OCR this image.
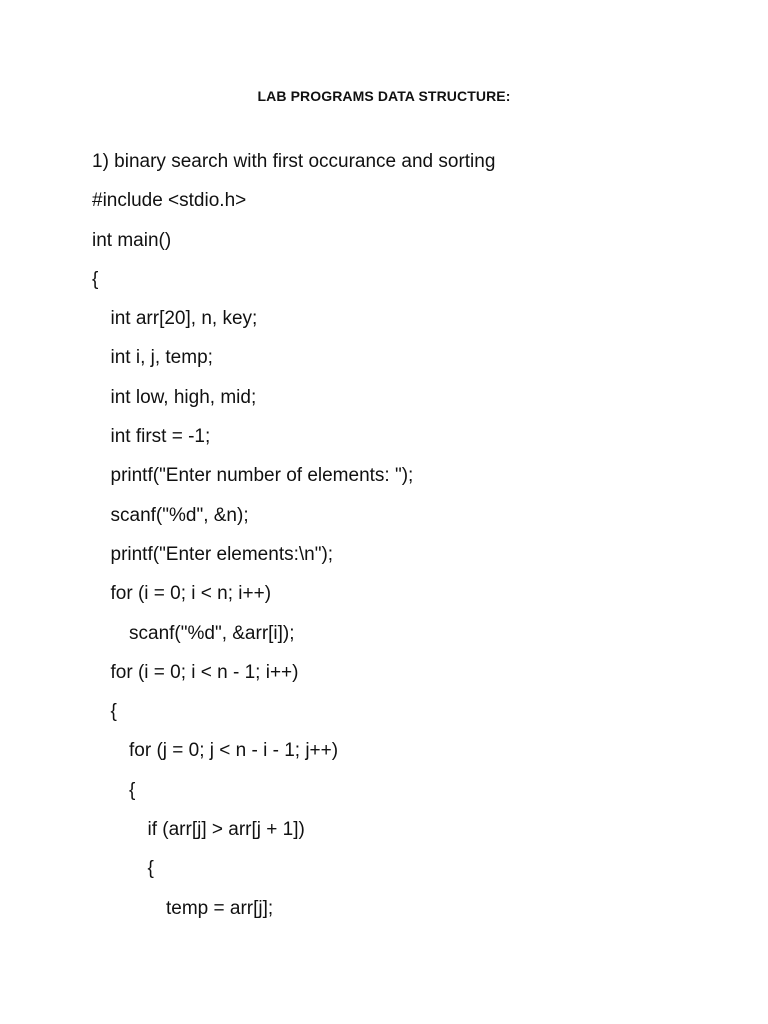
LAB PROGRAMS DATA STRUCTURE:
1) binary search with first occurance and sorting
#include <stdio.h>
int main()
{
int arr[20], n, key;
int i, j, temp;
int low, high, mid;
int first = -1;
printf("Enter number of elements: ");
scanf("%d", &n);
printf("Enter elements:\n");
for (i = 0; i < n; i++)
scanf("%d", &arr[i]);
for (i = 0; i < n - 1; i++)
{
for (j = 0; j < n - i - 1; j++)
{
if (arr[j] > arr[j + 1])
{
temp = arr[j];
